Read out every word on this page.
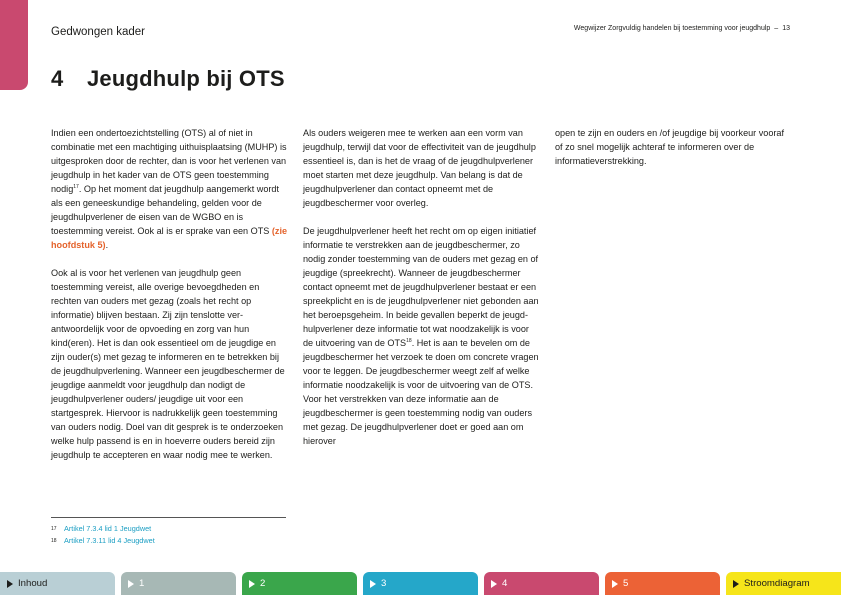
Gedwongen kader	Wegwijzer Zorgvuldig handelen bij toestemming voor jeugdhulp – 13
4 Jeugdhulp bij OTS

Indien een ondertoezichtstelling (OTS) al of niet in combinatie met een machtiging uithuisplaatsing (MUHP) is uitgesproken door de rechter, dan is voor het verlenen van jeugdhulp in het kader van de OTS geen toestemming nodig$^{17}$. Op het moment dat jeugdhulp aangemerkt wordt als een geneeskundige behandeling, gelden voor de jeugdhulpverlener de eisen van de WGBO en is toestemming vereist. Ook al is er sprake van een OTS (zie hoofdstuk 5).

Ook al is voor het verlenen van jeugdhulp geen toestemming vereist, alle overige bevoegdheden en rechten van ouders met gezag (zoals het recht op informatie) blijven bestaan. Zij zijn tenslotte verantwoordelijk voor de opvoeding en zorg van hun kind(eren). Het is dan ook essentieel om de jeugdige en zijn ouder(s) met gezag te informeren en te betrekken bij de jeugdhulpverlening. Wanneer een jeugdbeschermer de jeugdige aanmeldt voor jeugdhulp dan nodigt de jeugdhulpverlener ouders/ jeugdige uit voor een startgesprek. Hiervoor is nadrukkelijk geen toestemming van ouders nodig. Doel van dit gesprek is te onderzoeken welke hulp passend is en in hoeverre ouders bereid zijn jeugdhulp te accepteren en waar nodig mee te werken.

Als ouders weigeren mee te werken aan een vorm van jeugdhulp, terwijl dat voor de effectiviteit van de jeugdhulp essentieel is, dan is het de vraag of de jeugdhulpverlener moet starten met deze jeugdhulp. Van belang is dat de jeugdhulpverlener dan contact opneemt met de jeugdbeschermer voor overleg.

De jeugdhulpverlener heeft het recht om op eigen initiatief informatie te verstrekken aan de jeugdbeschermer, zo nodig zonder toestemming van de ouders met gezag en of jeugdige (spreekrecht). Wanneer de jeugdbeschermer contact opneemt met de jeugdhulpverlener bestaat er een spreekplicht en is de jeugdhulpverlener niet gebonden aan het beroepsgeheim. In beide gevallen beperkt de jeugdhulpverlener deze informatie tot wat noodzakelijk is voor de uitvoering van de OTS$^{18}$. Het is aan te bevelen om de jeugdbeschermer het verzoek te doen om concrete vragen voor te leggen. De jeugdbeschermer weegt zelf af welke informatie noodzakelijk is voor de uitvoering van de OTS. Voor het verstrekken van deze informatie aan de jeugdbeschermer is geen toestemming nodig van ouders met gezag. De jeugdhulpverlener doet er goed aan om hierover

open te zijn en ouders en /of jeugdige bij voorkeur vooraf of zo snel mogelijk achteraf te informeren over de informatieverstrekking.

17	Artikel 7.3.4 lid 1 Jeugdwet
18	Artikel 7.3.11 lid 4 Jeugdwet
Inhoud	1	2	3	4	5	Stroomdiagram
